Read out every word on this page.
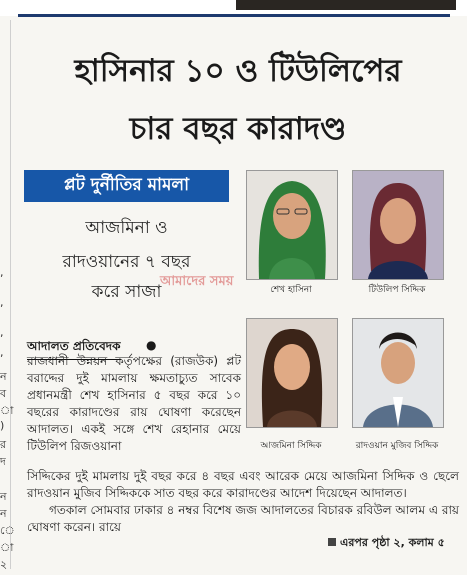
,
,
,
,
ন
ব
া
)
র
দ
ন
ন
ে
া
২
হাসিনার ১০ ও টিউলিপের
চার বছর কারাদণ্ড
প্লট দুর্নীতির মামলা
আজমিনা ও
রাদওয়ানের ৭ বছর
করে সাজা
আমাদের সময়
শেখ হাসিনা	টিউলিপ সিদ্দিক
আজমিনা সিদ্দিক	রাদওয়ান মুজিব সিদ্দিক
আদালত প্রতিবেদক ●
রাজধানী উন্নয়ন কর্তৃপক্ষের (রাজউক) প্লট বরাদ্দের দুই মামলায় ক্ষমতাচ্যুত সাবেক প্রধানমন্ত্রী শেখ হাসিনার ৫ বছর করে ১০ বছরের কারাদণ্ডের রায় ঘোষণা করেছেন আদালত। একই সঙ্গে শেখ রেহানার মেয়ে টিউলিপ রিজওয়ানা
সিদ্দিকের দুই মামলায় দুই বছর করে ৪ বছর এবং আরেক মেয়ে আজমিনা সিদ্দিক ও ছেলে রাদওয়ান মুজিব সিদ্দিককে সাত বছর করে কারাদণ্ডের আদেশ দিয়েছেন আদালত।
গতকাল সোমবার ঢাকার ৪ নম্বর বিশেষ জজ আদালতের বিচারক রবিউল আলম এ রায় ঘোষণা করেন। রায়ে
এরপর পৃষ্ঠা ২, কলাম ৫
